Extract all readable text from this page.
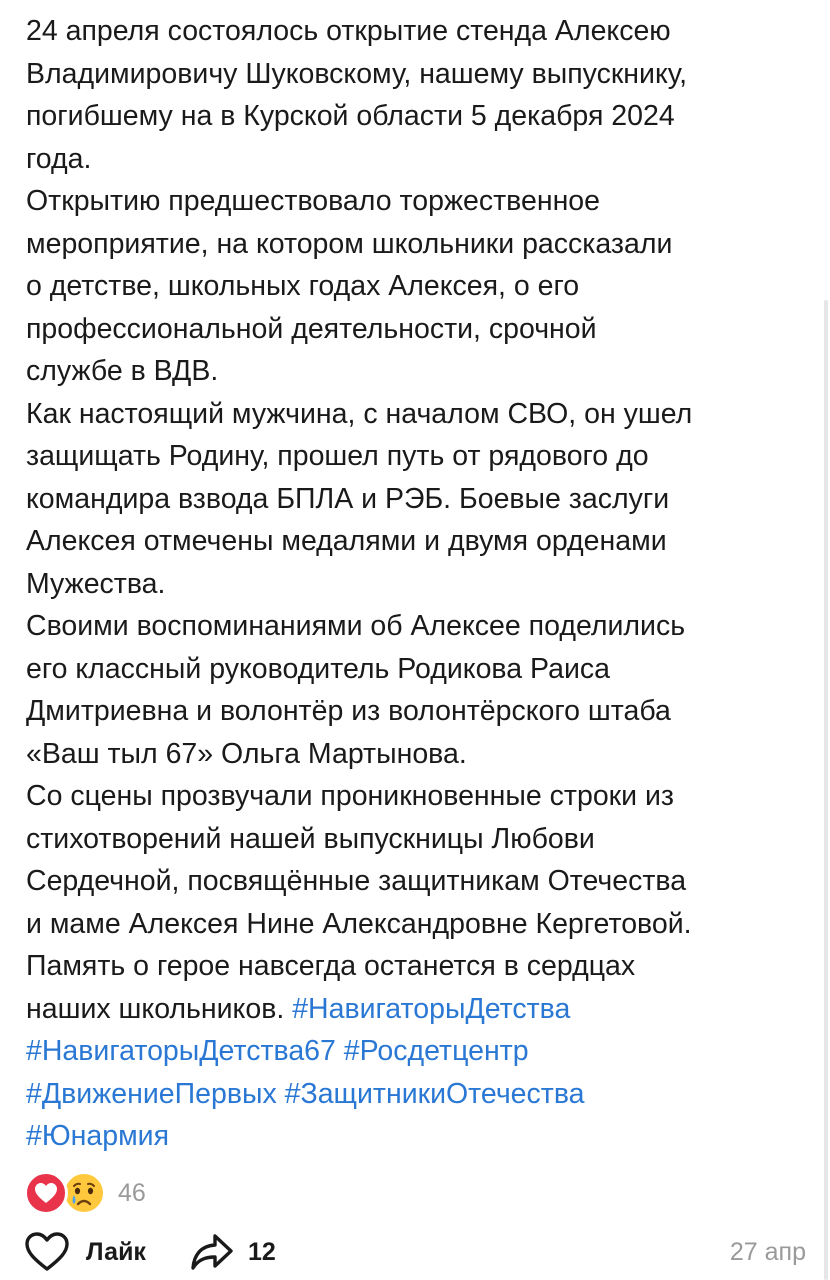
24 апреля состоялось открытие стенда Алексею
Владимировичу Шуковскому, нашему выпускнику,
погибшему на в Курской области 5 декабря 2024
года.
Открытию предшествовало торжественное
мероприятие, на котором школьники рассказали
о детстве, школьных годах Алексея, о его
профессиональной деятельности, срочной
службе в ВДВ.
Как настоящий мужчина, с началом СВО, он ушел
защищать Родину, прошел путь от рядового до
командира взвода БПЛА и РЭБ. Боевые заслуги
Алексея отмечены медалями и двумя орденами
Мужества.
Своими воспоминаниями об Алексее поделились
его классный руководитель Родикова Раиса
Дмитриевна и волонтёр из волонтёрского штаба
«Ваш тыл 67» Ольга Мартынова.
Со сцены прозвучали проникновенные строки из
стихотворений нашей выпускницы Любови
Сердечной, посвящённые защитникам Отечества
и маме Алексея Нине Александровне Кергетовой.
Память о герое навсегда останется в сердцах
наших школьников. #НавигаторыДетства
#НавигаторыДетства67 #Росдетцентр
#ДвижениеПервых #ЗащитникиОтечества
#Юнармия
46
Лайк	12	27 апр
